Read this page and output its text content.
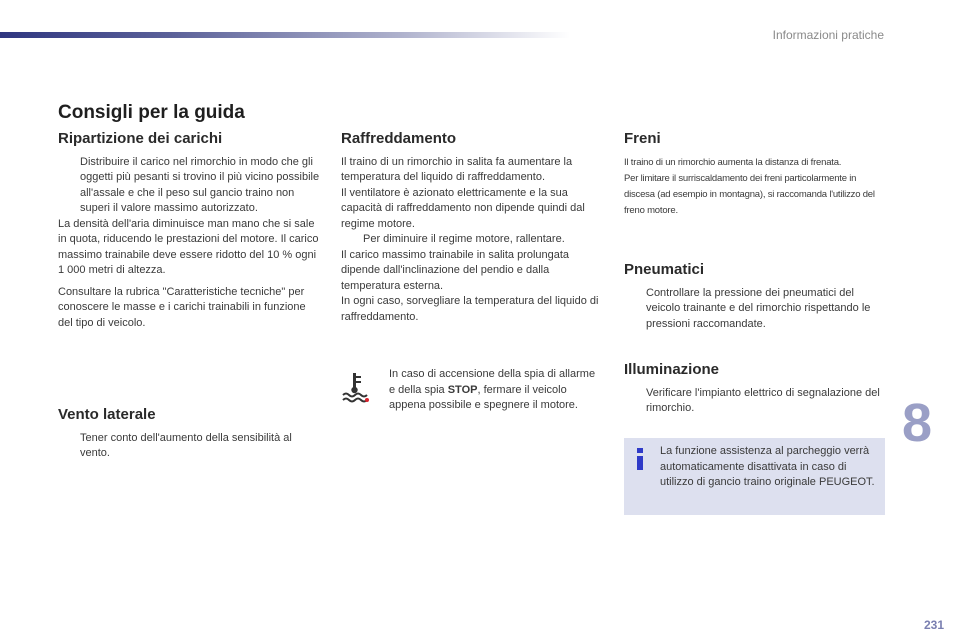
Informazioni pratiche
Consigli per la guida
Ripartizione dei carichi

Distribuire il carico nel rimorchio in modo che gli oggetti più pesanti si trovino il più vicino possibile all'assale e che il peso sul gancio traino non superi il valore massimo autorizzato.

La densità dell'aria diminuisce man mano che si sale in quota, riducendo le prestazioni del motore. Il carico massimo trainabile deve essere ridotto del 10 % ogni 1 000 metri di altezza.

Consultare la rubrica "Caratteristiche tecniche" per conoscere le masse e i carichi trainabili in funzione del tipo di veicolo.

Vento laterale

Tener conto dell'aumento della sensibilità al vento.

Raffreddamento

Il traino di un rimorchio in salita fa aumentare la temperatura del liquido di raffreddamento.

Il ventilatore è azionato elettricamente e la sua capacità di raffreddamento non dipende quindi dal regime motore.

Per diminuire il regime motore, rallentare.

Il carico massimo trainabile in salita prolungata dipende dall'inclinazione del pendio e dalla temperatura esterna.

In ogni caso, sorvegliare la temperatura del liquido di raffreddamento.

In caso di accensione della spia di allarme e della spia STOP, fermare il veicolo appena possibile e spegnere il motore.
Freni

Il traino di un rimorchio aumenta la distanza di frenata.

Per limitare il surriscaldamento dei freni particolarmente in discesa (ad esempio in montagna), si raccomanda l'utilizzo del freno motore.

Pneumatici

Controllare la pressione dei pneumatici del veicolo trainante e del rimorchio rispettando le pressioni raccomandate.

Illuminazione

Verificare l'impianto elettrico di segnalazione del rimorchio.

La funzione assistenza al parcheggio verrà automaticamente disattivata in caso di utilizzo di gancio traino originale PEUGEOT.
8
231
